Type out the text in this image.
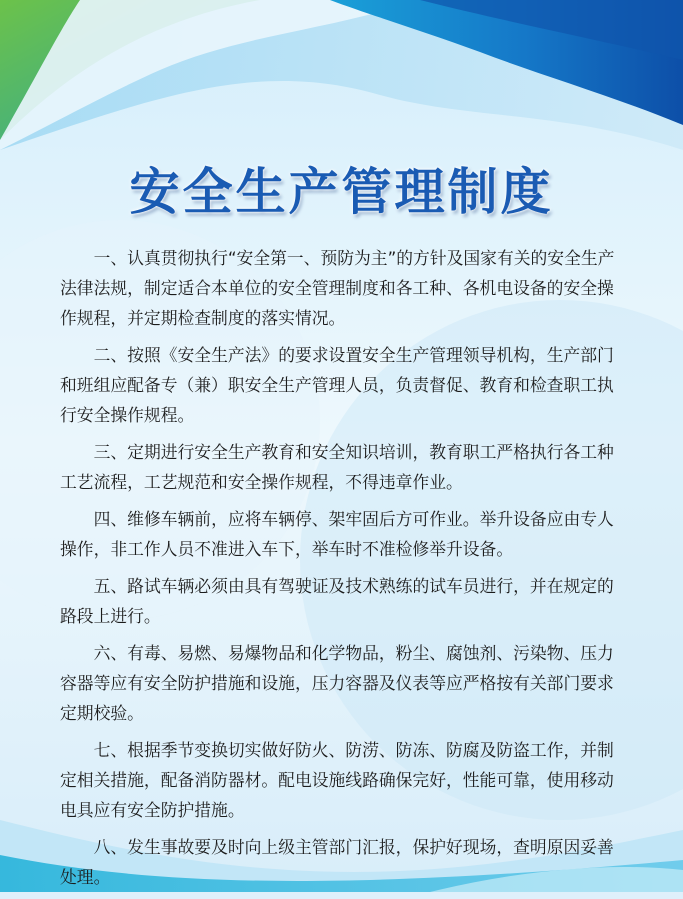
安全生产管理制度

一、认真贯彻执行“安全第一、预防为主”的方针及国家有关的安全生产法律法规，制定适合本单位的安全管理制度和各工种、各机电设备的安全操作规程，并定期检查制度的落实情况。

二、按照《安全生产法》的要求设置安全生产管理领导机构，生产部门和班组应配备专（兼）职安全生产管理人员，负责督促、教育和检查职工执行安全操作规程。

三、定期进行安全生产教育和安全知识培训，教育职工严格执行各工种工艺流程，工艺规范和安全操作规程，不得违章作业。

四、维修车辆前，应将车辆停、架牢固后方可作业。举升设备应由专人操作，非工作人员不准进入车下，举车时不准检修举升设备。

五、路试车辆必须由具有驾驶证及技术熟练的试车员进行，并在规定的路段上进行。

六、有毒、易燃、易爆物品和化学物品，粉尘、腐蚀剂、污染物、压力容器等应有安全防护措施和设施，压力容器及仪表等应严格按有关部门要求定期校验。

七、根据季节变换切实做好防火、防涝、防冻、防腐及防盗工作，并制定相关措施，配备消防器材。配电设施线路确保完好，性能可靠，使用移动电具应有安全防护措施。

八、发生事故要及时向上级主管部门汇报，保护好现场，查明原因妥善处理。
